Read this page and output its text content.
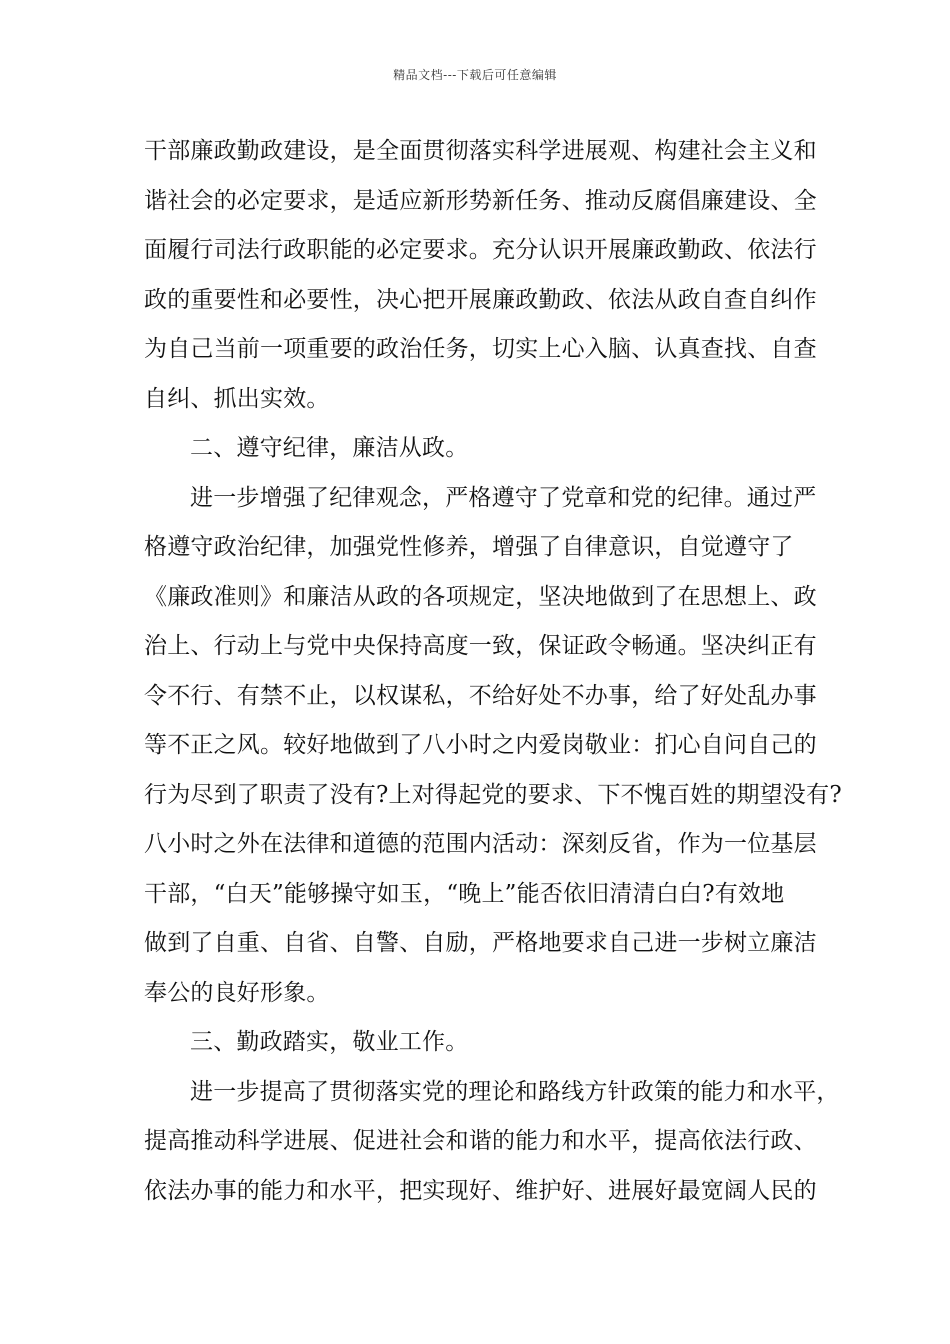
精品文档---下载后可任意编辑
干部廉政勤政建设，是全面贯彻落实科学进展观、构建社会主义和
谐社会的必定要求，是适应新形势新任务、推动反腐倡廉建设、全
面履行司法行政职能的必定要求。充分认识开展廉政勤政、依法行
政的重要性和必要性，决心把开展廉政勤政、依法从政自查自纠作
为自己当前一项重要的政治任务，切实上心入脑、认真查找、自查
自纠、抓出实效。
二、遵守纪律，廉洁从政。
进一步增强了纪律观念，严格遵守了党章和党的纪律。通过严
格遵守政治纪律，加强党性修养，增强了自律意识，自觉遵守了
《廉政准则》和廉洁从政的各项规定，坚决地做到了在思想上、政
治上、行动上与党中央保持高度一致，保证政令畅通。坚决纠正有
令不行、有禁不止，以权谋私，不给好处不办事，给了好处乱办事
等不正之风。较好地做到了八小时之内爱岗敬业：扪心自问自己的
行为尽到了职责了没有?上对得起党的要求、下不愧百姓的期望没有?
八小时之外在法律和道德的范围内活动：深刻反省，作为一位基层
干部，“白天”能够操守如玉，“晚上”能否依旧清清白白?有效地
做到了自重、自省、自警、自励，严格地要求自己进一步树立廉洁
奉公的良好形象。
三、勤政踏实，敬业工作。
进一步提高了贯彻落实党的理论和路线方针政策的能力和水平，
提高推动科学进展、促进社会和谐的能力和水平，提高依法行政、
依法办事的能力和水平，把实现好、维护好、进展好最宽阔人民的
